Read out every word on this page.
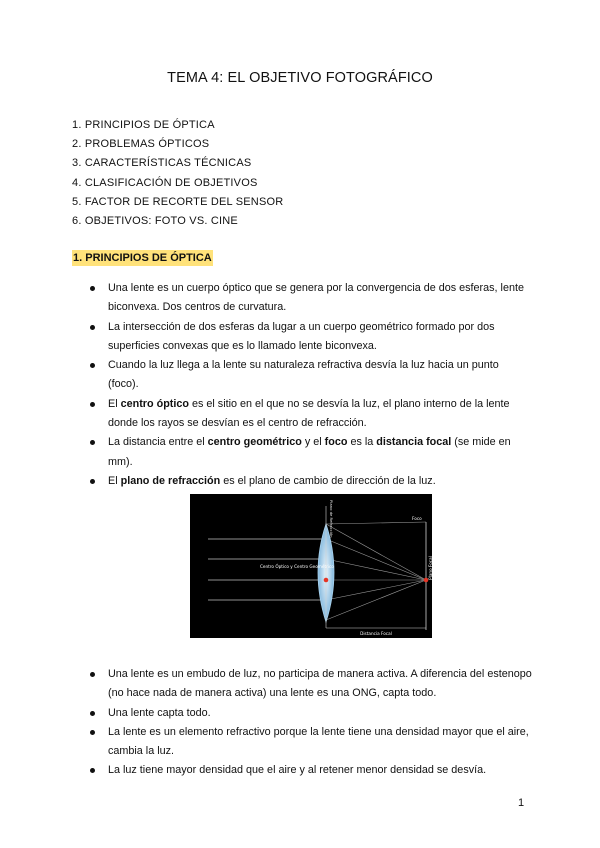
TEMA 4: EL OBJETIVO FOTOGRÁFICO
1. PRINCIPIOS DE ÓPTICA
2. PROBLEMAS ÓPTICOS
3. CARACTERÍSTICAS TÉCNICAS
4. CLASIFICACIÓN DE OBJETIVOS
5. FACTOR DE RECORTE DEL SENSOR
6. OBJETIVOS: FOTO VS. CINE
1. PRINCIPIOS DE ÓPTICA
Una lente es un cuerpo óptico que se genera por la convergencia de dos esferas, lente biconvexa. Dos centros de curvatura.
La intersección de dos esferas da lugar a un cuerpo geométrico formado por dos superficies convexas que es lo llamado lente biconvexa.
Cuando la luz llega a la lente su naturaleza refractiva desvía la luz hacia un punto (foco).
El centro óptico es el sitio en el que no se desvía la luz, el plano interno de la lente donde los rayos se desvían es el centro de refracción.
La distancia entre el centro geométrico y el foco es la distancia focal (se mide en mm).
El plano de refracción es el plano de cambio de dirección de la luz.
Plano de Refracción
Centro Óptico y Centro Geométrico
Foco
Plano Focal
Distancia Focal
Una lente es un embudo de luz, no participa de manera activa. A diferencia del estenopo (no hace nada de manera activa) una lente es una ONG, capta todo.
Una lente capta todo.
La lente es un elemento refractivo porque la lente tiene una densidad mayor que el aire, cambia la luz.
La luz tiene mayor densidad que el aire y al retener menor densidad se desvía.
1
